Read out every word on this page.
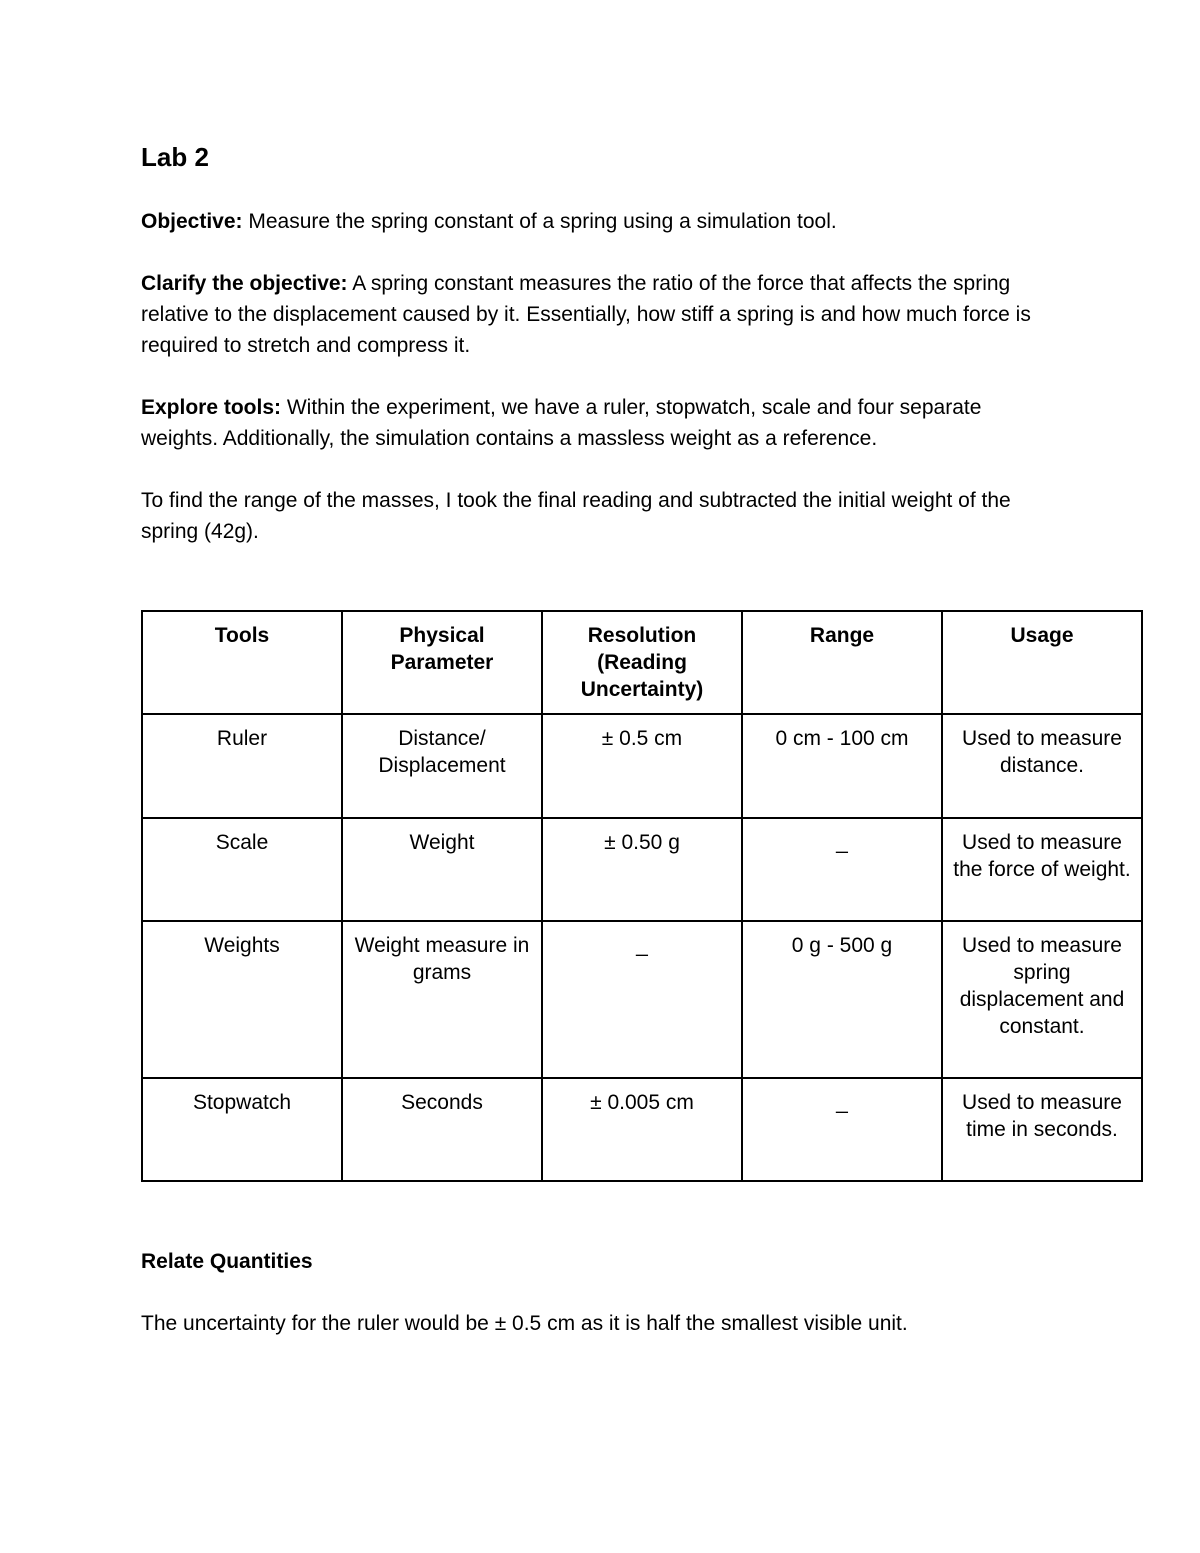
Lab 2

Objective: Measure the spring constant of a spring using a simulation tool.

Clarify the objective: A spring constant measures the ratio of the force that affects the spring relative to the displacement caused by it. Essentially, how stiff a spring is and how much force is required to stretch and compress it.

Explore tools: Within the experiment, we have a ruler, stopwatch, scale and four separate weights. Additionally, the simulation contains a massless weight as a reference.

To find the range of the masses, I took the final reading and subtracted the initial weight of the spring (42g).

Tools	Physical Parameter	Resolution (Reading Uncertainty)	Range	Usage
Ruler	Distance/ Displacement	± 0.5 cm	0 cm - 100 cm	Used to measure distance.
Scale	Weight	± 0.50 g	_	Used to measure the force of weight.
Weights	Weight measure in grams	_	0 g - 500 g	Used to measure spring displacement and constant.
Stopwatch	Seconds	± 0.005 cm	_	Used to measure time in seconds.
Relate Quantities

The uncertainty for the ruler would be ± 0.5 cm as it is half the smallest visible unit.
